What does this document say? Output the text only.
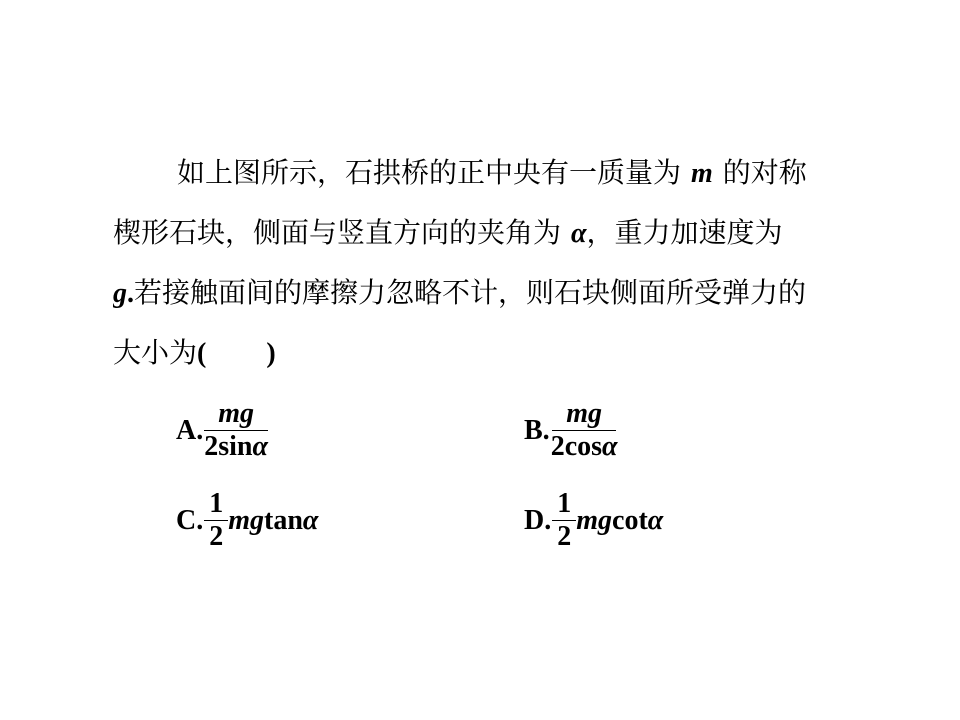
如上图所示，石拱桥的正中央有一质量为 m 的对称
楔形石块，侧面与竖直方向的夹角为 α，重力加速度为
g.若接触面间的摩擦力忽略不计，则石块侧面所受弹力的
大小为( )
A. $\frac{mg}{2\sin\alpha}$	B. $\frac{mg}{2\cos\alpha}$
C. $\frac{1}{2}$ mg tan α	D. $\frac{1}{2}$ mg cot α
